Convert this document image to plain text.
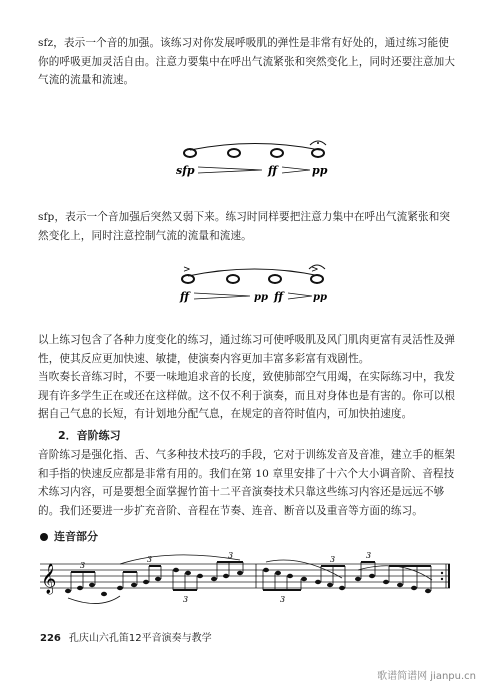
sfz，表示一个音的加强。该练习对你发展呼吸肌的弹性是非常有好处的，通过练习能使你的呼吸更加灵活自由。注意力要集中在呼出气流紧张和突然变化上，同时还要注意加大气流的流量和流速。

sfp	ff	pp

sfp，表示一个音加强后突然又弱下来。练习时同样要把注意力集中在呼出气流紧张和突然变化上，同时注意控制气流的流量和流速。

>	>
ff	pp ff	pp

以上练习包含了各种力度变化的练习，通过练习可使呼吸肌及风门肌肉更富有灵活性及弹性，使其反应更加快速、敏捷，使演奏内容更加丰富多彩富有戏剧性。

当吹奏长音练习时，不要一味地追求音的长度，致使肺部空气用竭，在实际练习中，我发现有许多学生正在或还在这样做。这不仅不利于演奏，而且对身体也是有害的。你可以根据自己气息的长短，有计划地分配气息，在规定的音符时值内，可加快拍速度。

2．音阶练习

音阶练习是强化指、舌、气多种技术技巧的手段，它对于训练发音及音准，建立手的框架和手指的快速反应都是非常有用的。我们在第 10 章里安排了十六个大小调音阶、音程技术练习内容，可是要想全面掌握竹笛十二平音演奏技术只靠这些练习内容还是远远不够的。我们还要进一步扩充音阶、音程在节奏、连音、断音以及重音等方面的练习。

连音部分
𝄞	3
3
3
3
3
3	3
226 孔庆山六孔笛12平音演奏与教学
歌谱简谱网 jianpu.cn
